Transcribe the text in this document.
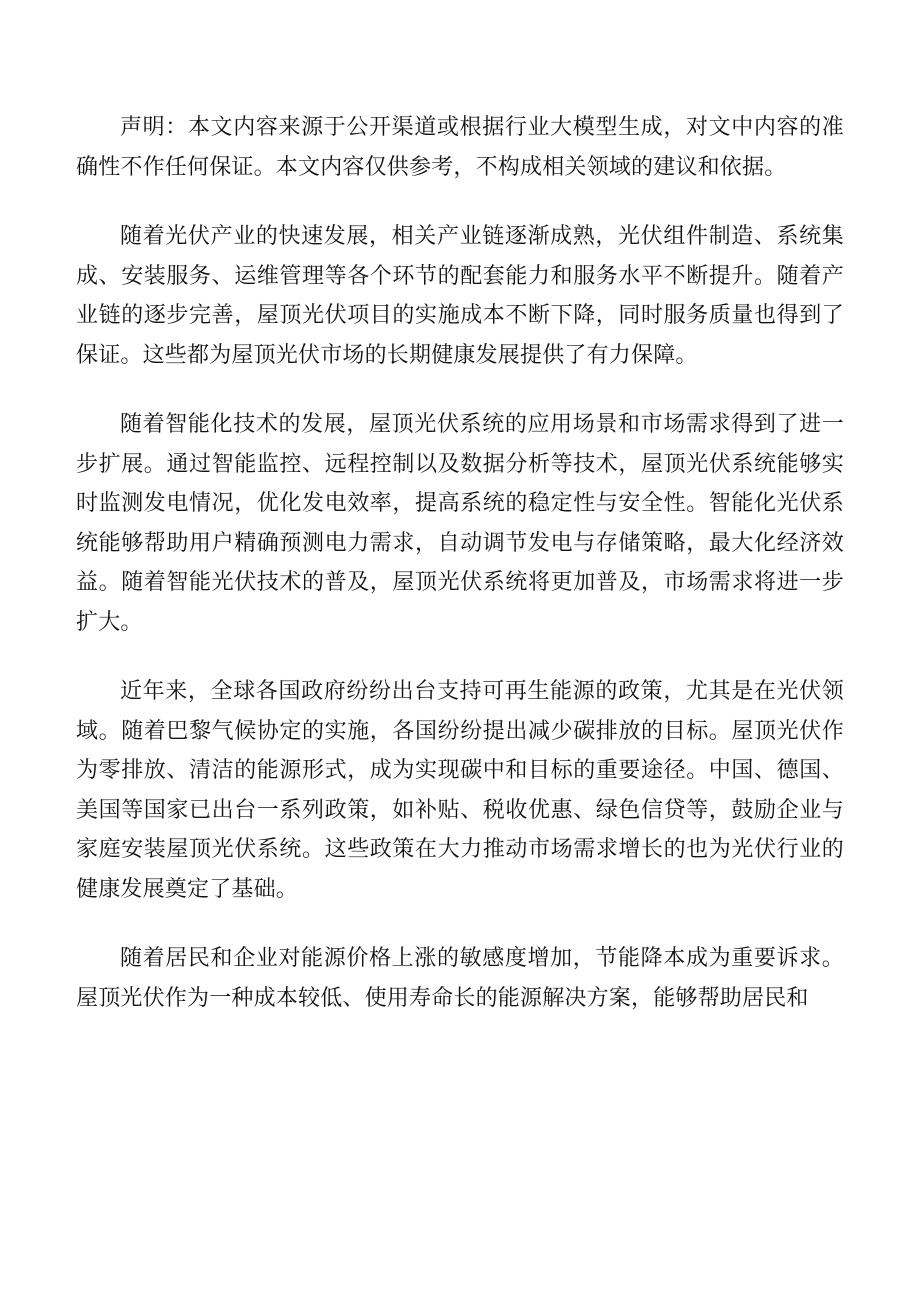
声明：本文内容来源于公开渠道或根据行业大模型生成，对文中内容的准确性不作任何保证。本文内容仅供参考，不构成相关领域的建议和依据。

随着光伏产业的快速发展，相关产业链逐渐成熟，光伏组件制造、系统集成、安装服务、运维管理等各个环节的配套能力和服务水平不断提升。随着产业链的逐步完善，屋顶光伏项目的实施成本不断下降，同时服务质量也得到了保证。这些都为屋顶光伏市场的长期健康发展提供了有力保障。

随着智能化技术的发展，屋顶光伏系统的应用场景和市场需求得到了进一步扩展。通过智能监控、远程控制以及数据分析等技术，屋顶光伏系统能够实时监测发电情况，优化发电效率，提高系统的稳定性与安全性。智能化光伏系统能够帮助用户精确预测电力需求，自动调节发电与存储策略，最大化经济效益。随着智能光伏技术的普及，屋顶光伏系统将更加普及，市场需求将进一步扩大。

近年来，全球各国政府纷纷出台支持可再生能源的政策，尤其是在光伏领域。随着巴黎气候协定的实施，各国纷纷提出减少碳排放的目标。屋顶光伏作为零排放、清洁的能源形式，成为实现碳中和目标的重要途径。中国、德国、美国等国家已出台一系列政策，如补贴、税收优惠、绿色信贷等，鼓励企业与家庭安装屋顶光伏系统。这些政策在大力推动市场需求增长的也为光伏行业的健康发展奠定了基础。

随着居民和企业对能源价格上涨的敏感度增加，节能降本成为重要诉求。屋顶光伏作为一种成本较低、使用寿命长的能源解决方案，能够帮助居民和
